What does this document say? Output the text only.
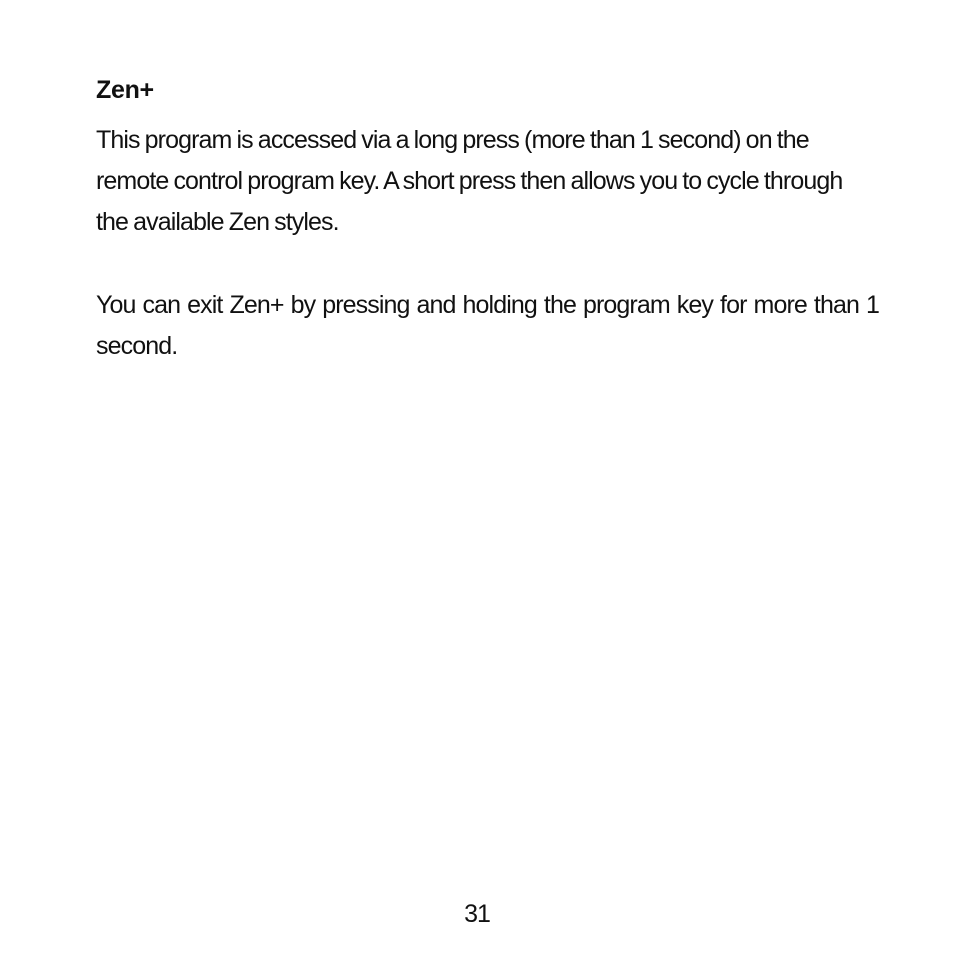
Zen+

This program is accessed via a long press (more than 1 second) on the remote control program key. A short press then allows you to cycle through the available Zen styles.

You can exit Zen+ by pressing and holding the program key for more than 1 second.

31
